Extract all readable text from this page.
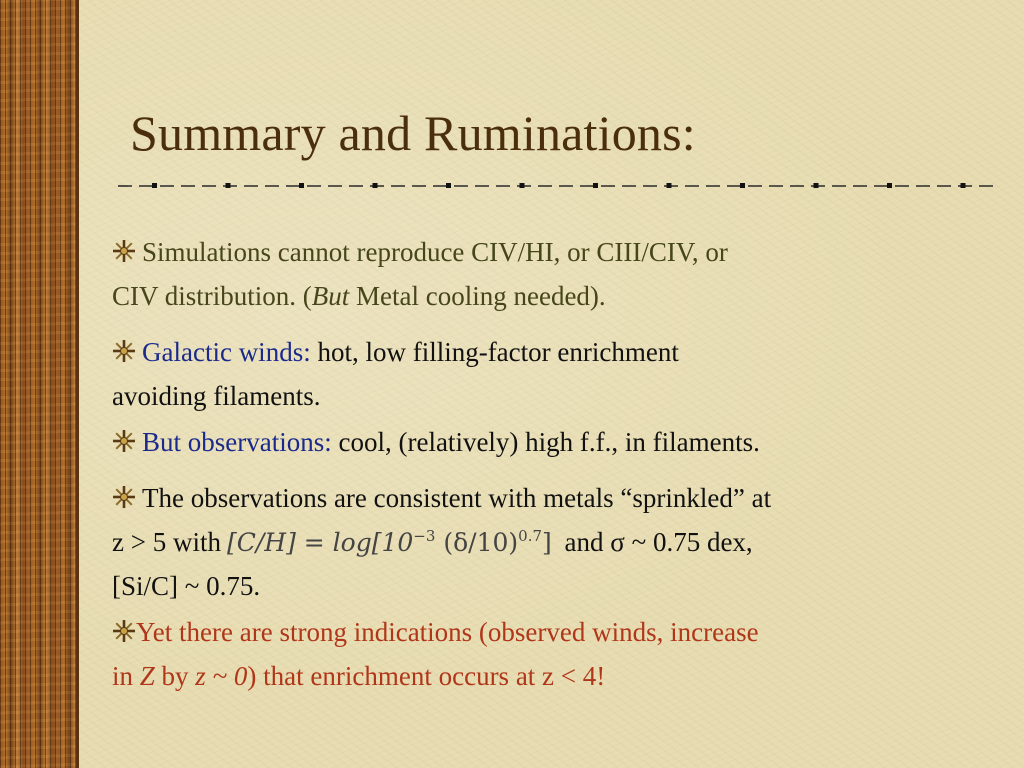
Summary and Ruminations:
Simulations cannot reproduce CIV/HI, or CIII/CIV, or
CIV distribution. (But Metal cooling needed).
Galactic winds: hot, low filling-factor enrichment
avoiding filaments.
But observations: cool, (relatively) high f.f., in filaments.
The observations are consistent with metals “sprinkled” at
z > 5 with $[C/H] = \log[10^{-3}$ $(\delta/10)^{0.7}$] and σ ~ 0.75 dex,
[Si/C] ~ 0.75.
Yet there are strong indications (observed winds, increase
in Z by z ~ 0) that enrichment occurs at z < 4!
